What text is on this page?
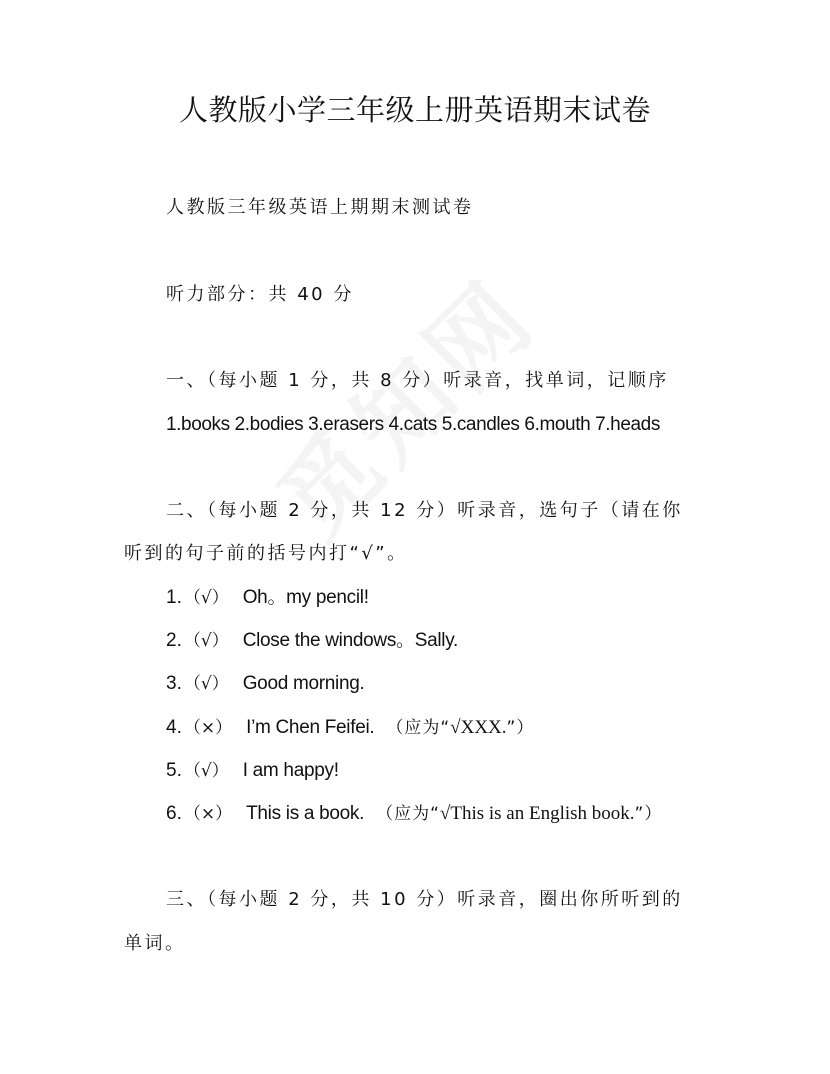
人教版小学三年级上册英语期末试卷
人教版三年级英语上期期末测试卷
听力部分：共 40 分
一、（每小题 1 分，共 8 分）听录音，找单词，记顺序
1.books 2.bodies 3.erasers 4.cats 5.candles 6.mouth 7.heads
二、（每小题 2 分，共 12 分）听录音，选句子（请在你
听到的句子前的括号内打“√”。
1. （√） Oh。my pencil!
2. （√） Close the windows。Sally.
3. （√） Good morning.
4. （×） I’m Chen Feifei. （应为“√XXX.”）
5. （√） I am happy!
6. （×） This is a book. （应为“√This is an English book.”）
三、（每小题 2 分，共 10 分）听录音，圈出你所听到的
单词。
